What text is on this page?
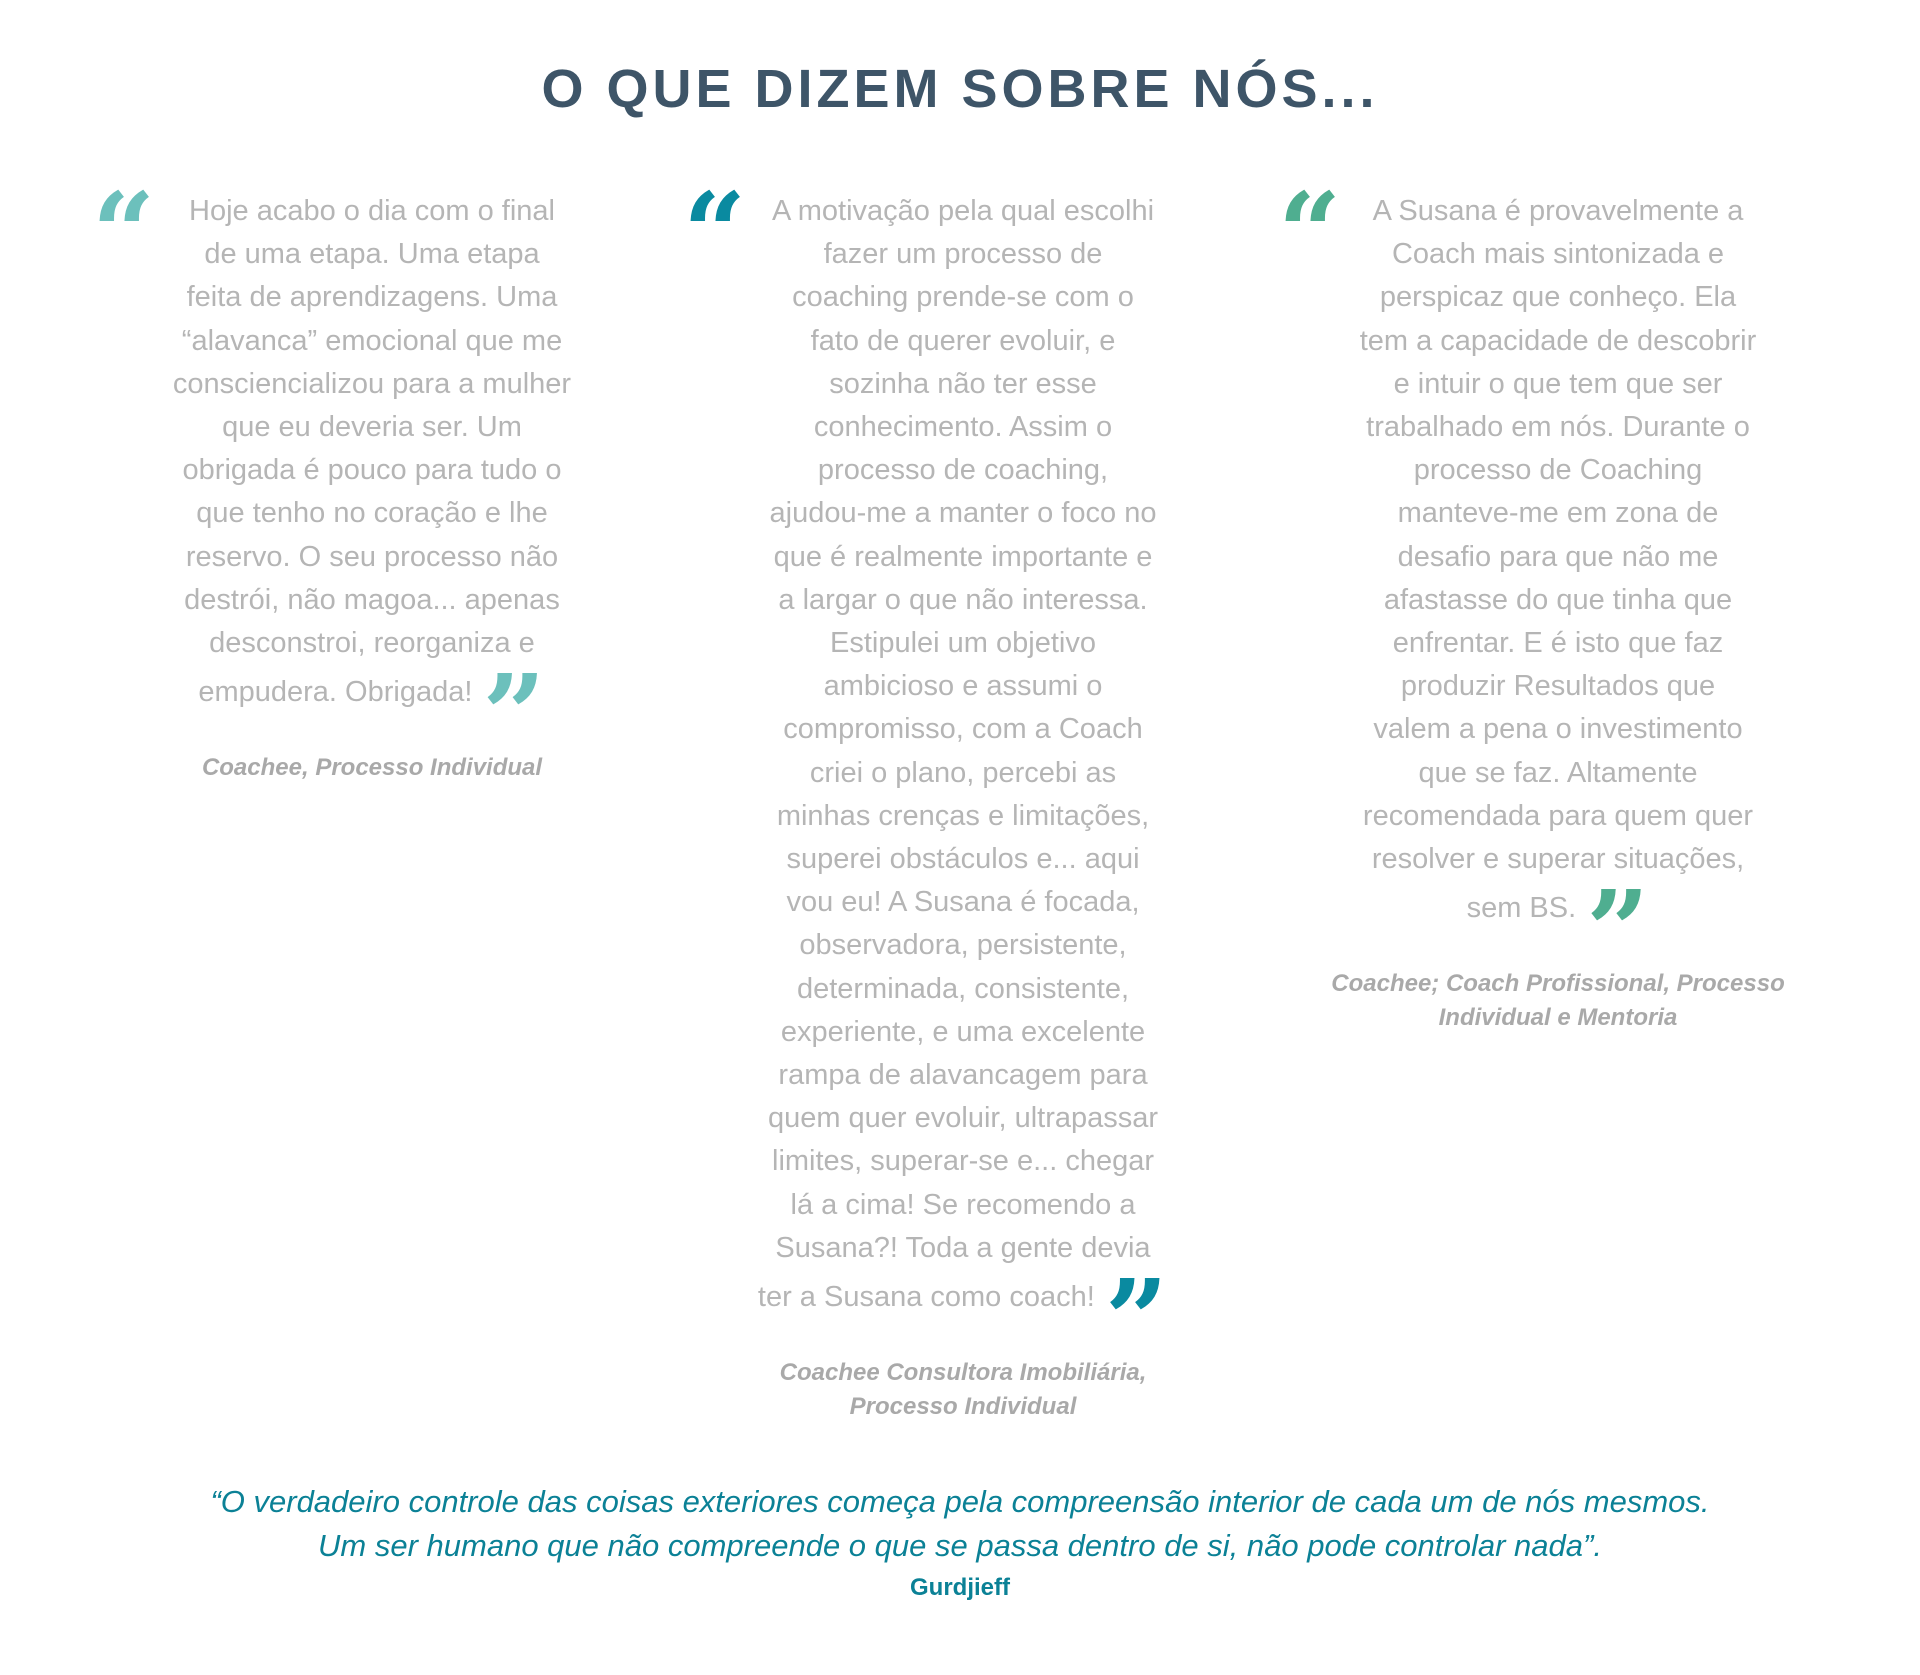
O QUE DIZEM SOBRE NÓS...
“	Hoje acabo o dia com o final
de uma etapa. Uma etapa
feita de aprendizagens. Uma
“alavanca” emocional que me
consciencializou para a mulher
que eu deveria ser. Um
obrigada é pouco para tudo o
que tenho no coração e lhe
reservo. O seu processo não
destrói, não magoa... apenas
desconstroi, reorganiza e
empudera. Obrigada!”
Coachee, Processo Individual
“ A motivação pela qual escolhi
fazer um processo de
coaching prende-se com o
fato de querer evoluir, e
sozinha não ter esse
conhecimento. Assim o
processo de coaching,
ajudou-me a manter o foco no
que é realmente importante e
a largar o que não interessa.
Estipulei um objetivo
ambicioso e assumi o
compromisso, com a Coach
criei o plano, percebi as
minhas crenças e limitações,
superei obstáculos e... aqui
vou eu! A Susana é focada,
observadora, persistente,
determinada, consistente,
experiente, e uma excelente
rampa de alavancagem para
quem quer evoluir, ultrapassar
limites, superar-se e... chegar
lá a cima! Se recomendo a
Susana?! Toda a gente devia
ter a Susana como coach!”
Coachee Consultora Imobiliária,
Processo Individual
“	A Susana é provavelmente a
Coach mais sintonizada e
perspicaz que conheço. Ela
tem a capacidade de descobrir
e intuir o que tem que ser
trabalhado em nós. Durante o
processo de Coaching
manteve-me em zona de
desafio para que não me
afastasse do que tinha que
enfrentar. E é isto que faz
produzir Resultados que
valem a pena o investimento
que se faz. Altamente
recomendada para quem quer
resolver e superar situações,
sem BS.”
Coachee; Coach Profissional, Processo
Individual e Mentoria
“O verdadeiro controle das coisas exteriores começa pela compreensão interior de cada um de nós mesmos.
Um ser humano que não compreende o que se passa dentro de si, não pode controlar nada”.
Gurdjieff
